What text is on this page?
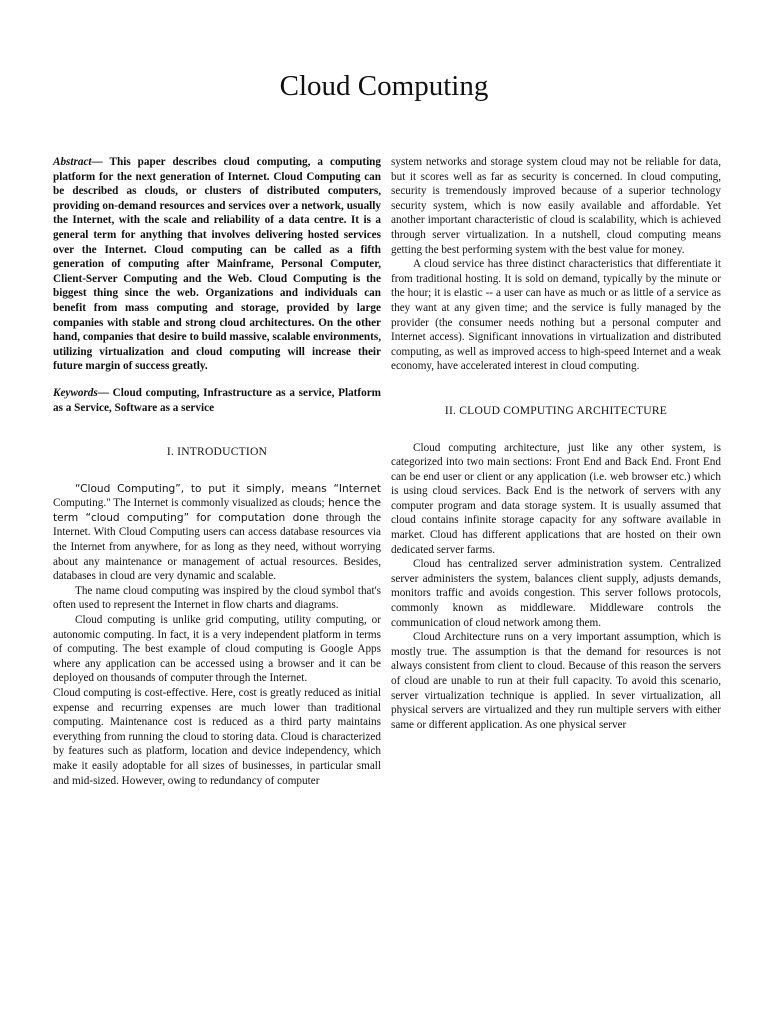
Cloud Computing

Abstract— This paper describes cloud computing, a computing platform for the next generation of Internet. Cloud Computing can be described as clouds, or clusters of distributed computers, providing on-demand resources and services over a network, usually the Internet, with the scale and reliability of a data centre. It is a general term for anything that involves delivering hosted services over the Internet. Cloud computing can be called as a fifth generation of computing after Mainframe, Personal Computer, Client-Server Computing and the Web. Cloud Computing is the biggest thing since the web. Organizations and individuals can benefit from mass computing and storage, provided by large companies with stable and strong cloud architectures. On the other hand, companies that desire to build massive, scalable environments, utilizing virtualization and cloud computing will increase their future margin of success greatly.

Keywords— Cloud computing, Infrastructure as a service, Platform as a Service, Software as a service

I. INTRODUCTION

“Cloud Computing”, to put it simply, means “Internet Computing." The Internet is commonly visualized as clouds; hence the term “cloud computing” for computation done through the Internet. With Cloud Computing users can access database resources via the Internet from anywhere, for as long as they need, without worrying about any maintenance or management of actual resources. Besides, databases in cloud are very dynamic and scalable.

The name cloud computing was inspired by the cloud symbol that's often used to represent the Internet in flow charts and diagrams.

Cloud computing is unlike grid computing, utility computing, or autonomic computing. In fact, it is a very independent platform in terms of computing. The best example of cloud computing is Google Apps where any application can be accessed using a browser and it can be deployed on thousands of computer through the Internet.

Cloud computing is cost-effective. Here, cost is greatly reduced as initial expense and recurring expenses are much lower than traditional computing. Maintenance cost is reduced as a third party maintains everything from running the cloud to storing data. Cloud is characterized by features such as platform, location and device independency, which make it easily adoptable for all sizes of businesses, in particular small and mid-sized. However, owing to redundancy of computer

system networks and storage system cloud may not be reliable for data, but it scores well as far as security is concerned. In cloud computing, security is tremendously improved because of a superior technology security system, which is now easily available and affordable. Yet another important characteristic of cloud is scalability, which is achieved through server virtualization. In a nutshell, cloud computing means getting the best performing system with the best value for money.

A cloud service has three distinct characteristics that differentiate it from traditional hosting. It is sold on demand, typically by the minute or the hour; it is elastic -- a user can have as much or as little of a service as they want at any given time; and the service is fully managed by the provider (the consumer needs nothing but a personal computer and Internet access). Significant innovations in virtualization and distributed computing, as well as improved access to high-speed Internet and a weak economy, have accelerated interest in cloud computing.

II. CLOUD COMPUTING ARCHITECTURE

Cloud computing architecture, just like any other system, is categorized into two main sections: Front End and Back End. Front End can be end user or client or any application (i.e. web browser etc.) which is using cloud services. Back End is the network of servers with any computer program and data storage system. It is usually assumed that cloud contains infinite storage capacity for any software available in market. Cloud has different applications that are hosted on their own dedicated server farms.

Cloud has centralized server administration system. Centralized server administers the system, balances client supply, adjusts demands, monitors traffic and avoids congestion. This server follows protocols, commonly known as middleware. Middleware controls the communication of cloud network among them.

Cloud Architecture runs on a very important assumption, which is mostly true. The assumption is that the demand for resources is not always consistent from client to cloud. Because of this reason the servers of cloud are unable to run at their full capacity. To avoid this scenario, server virtualization technique is applied. In sever virtualization, all physical servers are virtualized and they run multiple servers with either same or different application. As one physical server
